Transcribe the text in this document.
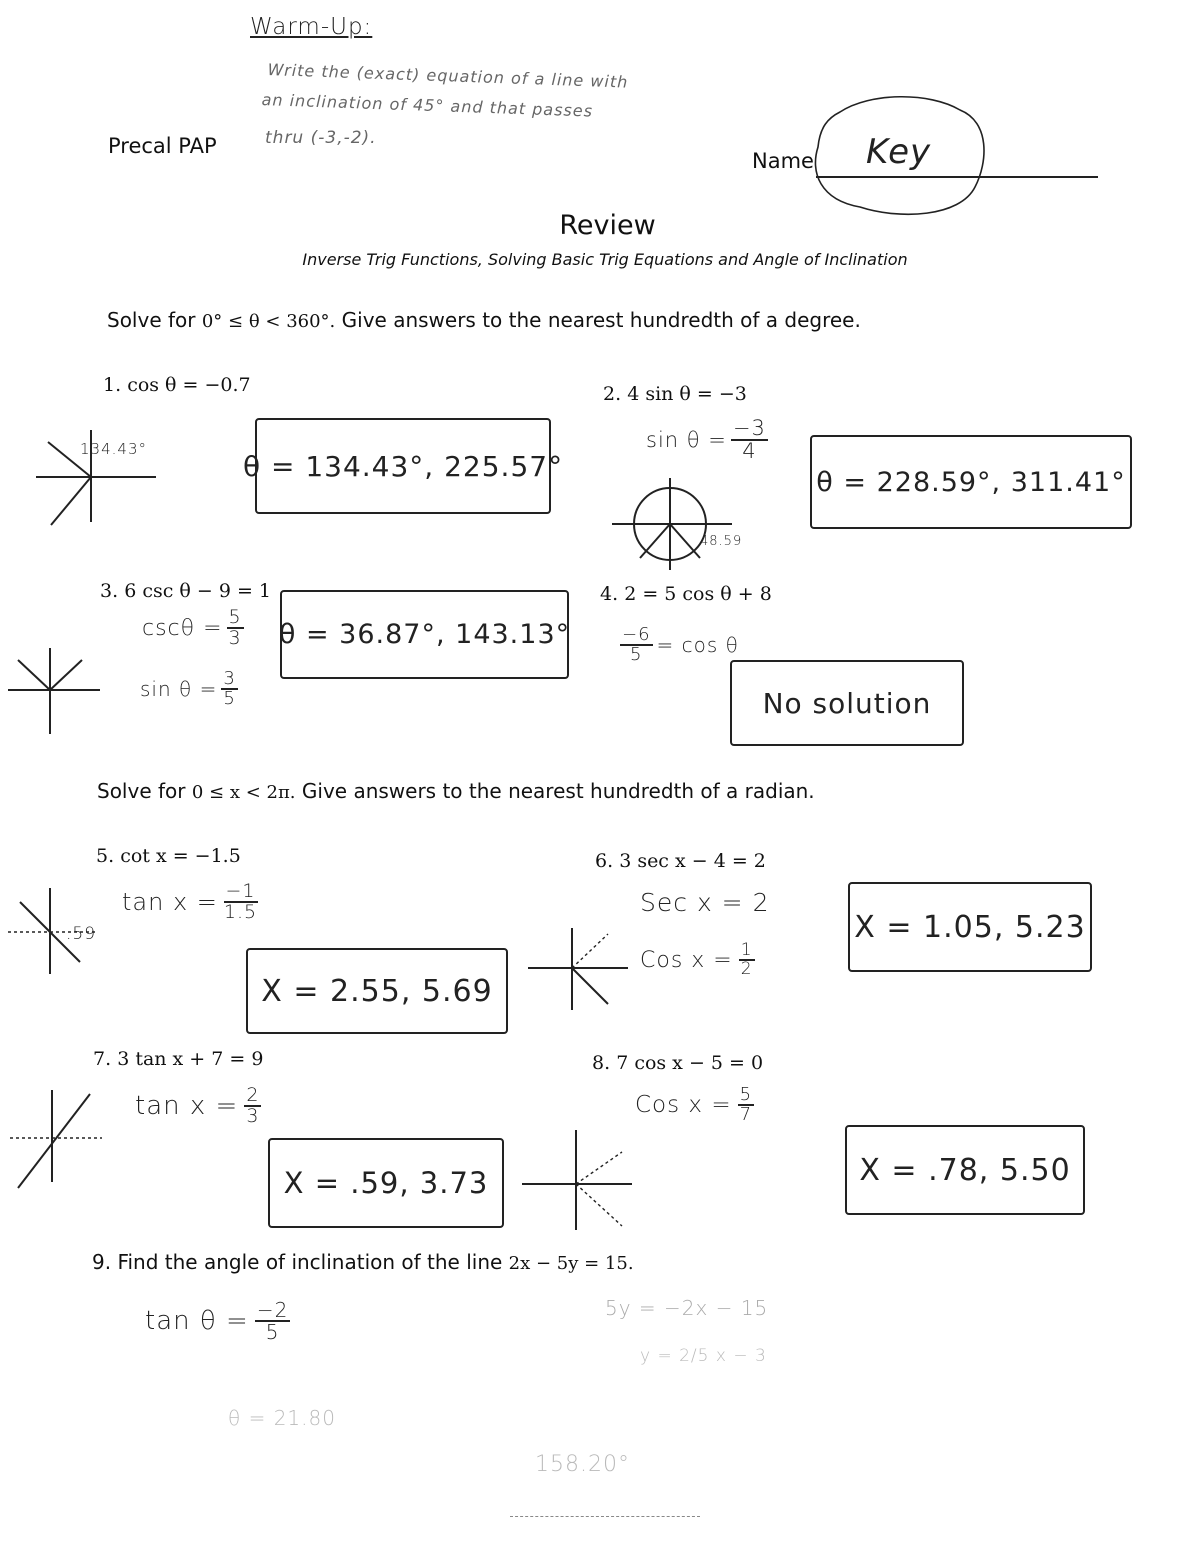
Warm-Up:
Write the (exact) equation of a line with
an inclination of 45° and that passes
thru (-3,-2).
Precal PAP
Name Key
Review
Inverse Trig Functions, Solving Basic Trig Equations and Angle of Inclination
Solve for 0° ≤ θ < 360°. Give answers to the nearest hundredth of a degree.
1. cos θ = −0.7
134.43°
θ = 134.43°, 225.57°
2. 4 sin θ = −3
$\sin \theta = \frac{-3}{4}$
48.59
θ = 228.59°, 311.41°
3. 6 csc θ − 9 = 1
$\csc\theta = \frac{5}{3}$
$\sin \theta = \frac{3}{5}$
θ = 36.87°, 143.13°
4. 2 = 5 cos θ + 8
$\frac{-6}{5} = \cos \theta$
No solution
Solve for 0 ≤ x < 2π. Give answers to the nearest hundredth of a radian.
5. cot x = −1.5
$\tan x = \frac{-1}{1.5}$
.59
X = 2.55, 5.69
6. 3 sec x − 4 = 2
Sec x = 2
Cos $x = \frac{1}{2}$
X = 1.05, 5.23
7. 3 tan x + 7 = 9
$\tan x = \frac{2}{3}$
X = .59, 3.73
8. 7 cos x − 5 = 0
Cos $x = \frac{5}{7}$
X = .78, 5.50
9. Find the angle of inclination of the line 2x − 5y = 15.
$\tan \theta = \frac{-2}{5}$	5y = −2x − 15
y = 2/5 x − 3
θ = 21.80
158.20°
